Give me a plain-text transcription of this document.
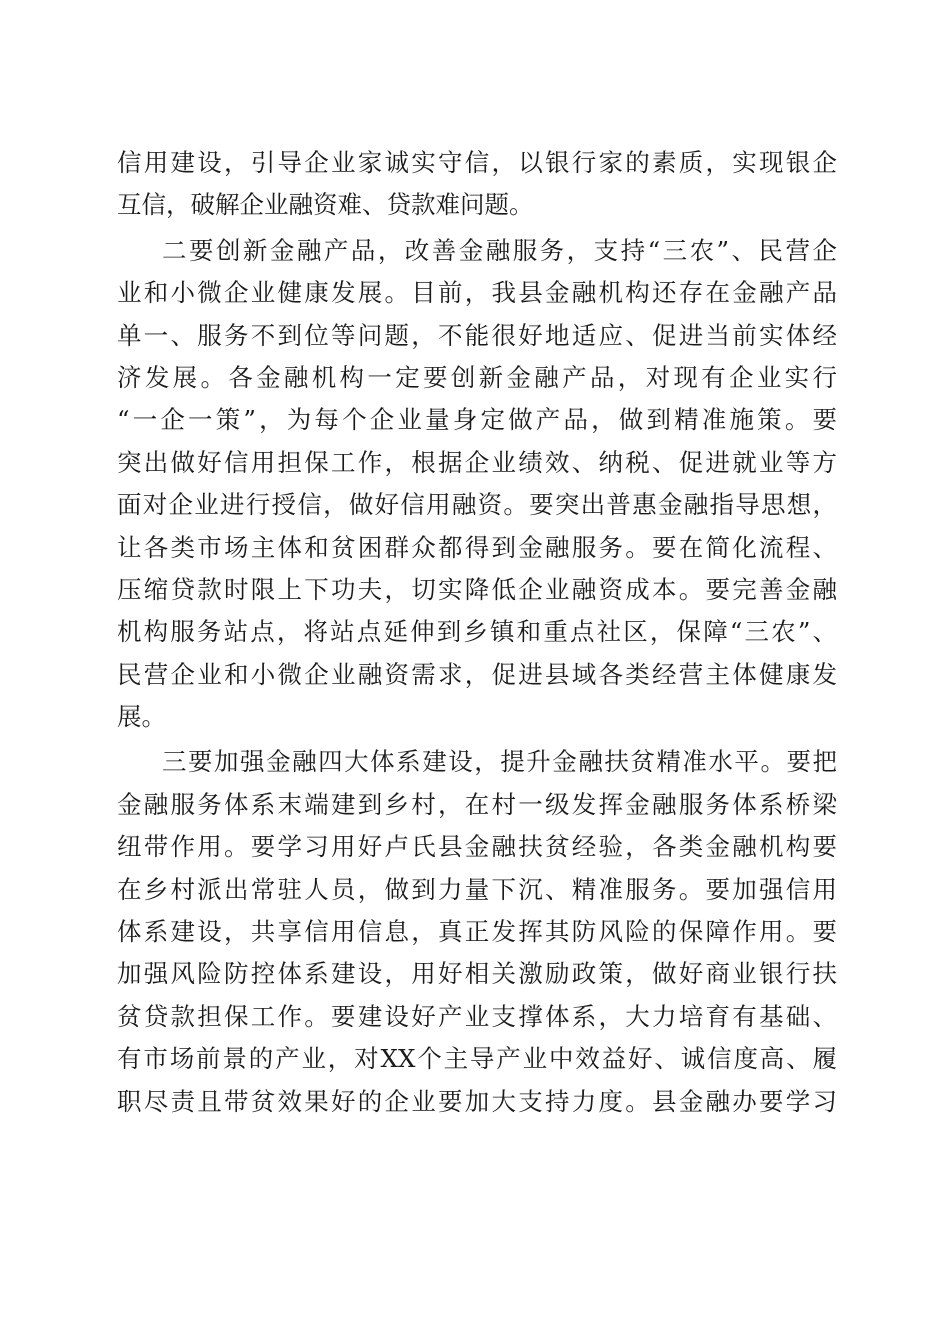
信用建设，引导企业家诚实守信，以银行家的素质，实现银企
互信，破解企业融资难、贷款难问题。
二要创新金融产品，改善金融服务，支持“三农”、民营企
业和小微企业健康发展。目前，我县金融机构还存在金融产品
单一、服务不到位等问题，不能很好地适应、促进当前实体经
济发展。各金融机构一定要创新金融产品，对现有企业实行
“一企一策”，为每个企业量身定做产品，做到精准施策。要
突出做好信用担保工作，根据企业绩效、纳税、促进就业等方
面对企业进行授信，做好信用融资。要突出普惠金融指导思想，
让各类市场主体和贫困群众都得到金融服务。要在简化流程、
压缩贷款时限上下功夫，切实降低企业融资成本。要完善金融
机构服务站点，将站点延伸到乡镇和重点社区，保障“三农”、
民营企业和小微企业融资需求，促进县域各类经营主体健康发
展。
三要加强金融四大体系建设，提升金融扶贫精准水平。要把
金融服务体系末端建到乡村，在村一级发挥金融服务体系桥梁
纽带作用。要学习用好卢氏县金融扶贫经验，各类金融机构要
在乡村派出常驻人员，做到力量下沉、精准服务。要加强信用
体系建设，共享信用信息，真正发挥其防风险的保障作用。要
加强风险防控体系建设，用好相关激励政策，做好商业银行扶
贫贷款担保工作。要建设好产业支撑体系，大力培育有基础、
有市场前景的产业，对XX个主导产业中效益好、诚信度高、履
职尽责且带贫效果好的企业要加大支持力度。县金融办要学习
